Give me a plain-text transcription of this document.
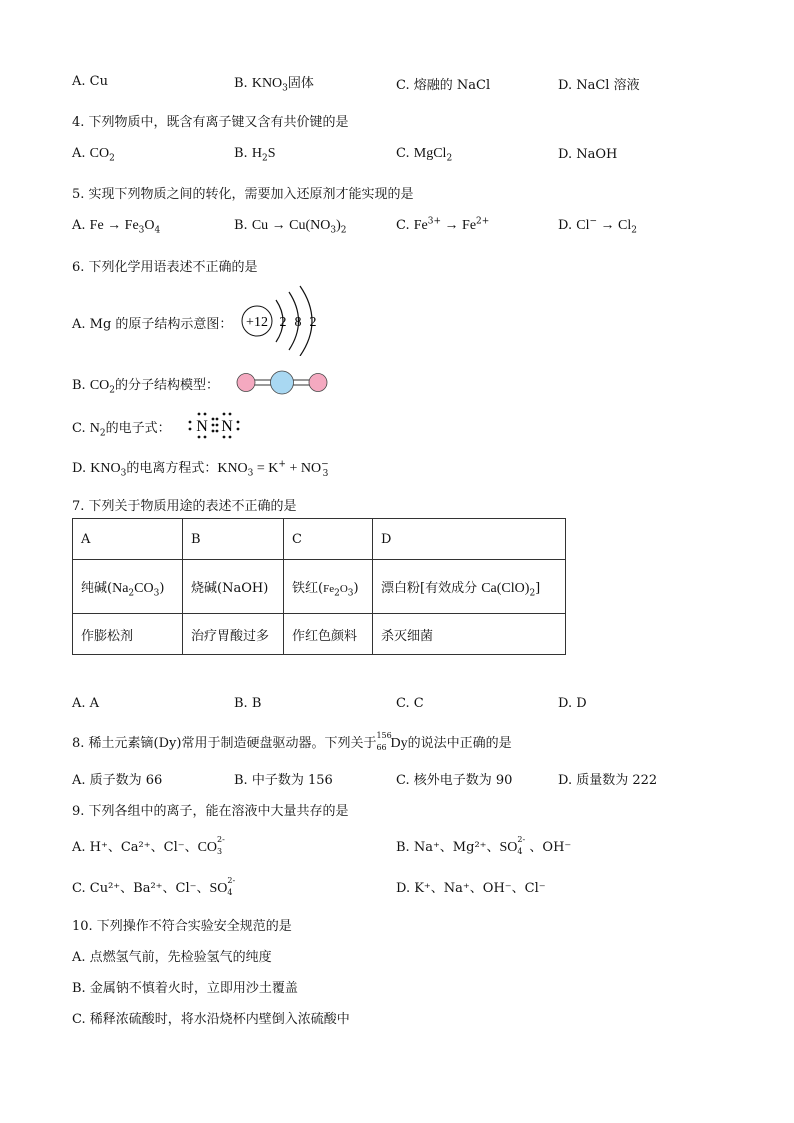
A. Cu	B. $KNO_3$固体	C. 熔融的 NaCl	D. NaCl 溶液
4. 下列物质中，既含有离子键又含有共价键的是
A. $CO_2$	B. $H_2S$	C. MgCl$_2$	D. NaOH
5. 实现下列物质之间的转化，需要加入还原剂才能实现的是
A. $Fe \to Fe_3O_4$	B. $Cu \to Cu(NO_3)_2$	C. $Fe^{3+} \to Fe^{2+}$	D. $Cl^- \to Cl_2$
6. 下列化学用语表述不正确的是
A. Mg 的原子结构示意图： +12 2 8 2
B. $CO_2$的分子结构模型：
C. $N_2$的电子式： N N
D. $KNO_3$的电离方程式：$KNO_3 = K^+ + NO^-_3$
7. 下列关于物质用途的表述不正确的是
A	B	C	D
纯碱$(Na_2CO_3)$	烧碱(NaOH)	铁红$(Fe_2O_3)$	漂白粉[有效成分 $Ca(ClO)_2$]
作膨松剂	治疗胃酸过多	作红色颜料	杀灭细菌
A. A	B. B	C. C	D. D
8. 稀土元素镝(Dy)常用于制造硬盘驱动器。下列关于
156
66 Dy的说法中正确的是
A. 质子数为 66	B. 中子数为 156	C. 核外电子数为 90	D. 质量数为 222
9. 下列各组中的离子，能在溶液中大量共存的是
A. H⁺、Ca²⁺、Cl⁻、CO
2-
3	B. Na⁺、Mg²⁺、SO
2-
4 、OH⁻
C. Cu²⁺、Ba²⁺、Cl⁻、SO
2-
4	D. K⁺、Na⁺、OH⁻、Cl⁻
10. 下列操作不符合实验安全规范的是
A. 点燃氢气前，先检验氢气的纯度
B. 金属钠不慎着火时，立即用沙土覆盖
C. 稀释浓硫酸时，将水沿烧杯内壁倒入浓硫酸中
